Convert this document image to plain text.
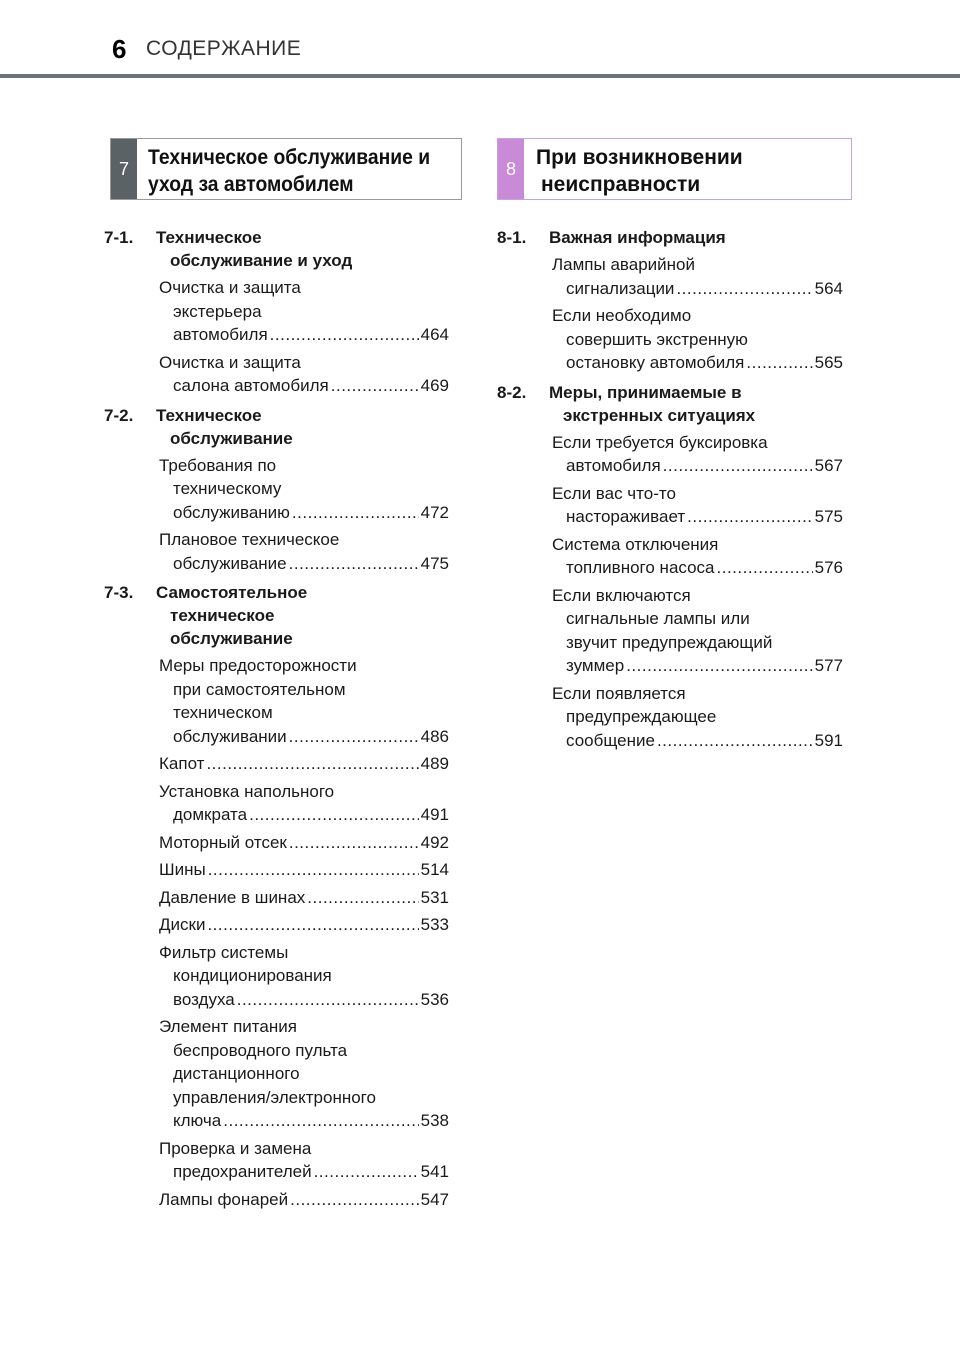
6 СОДЕРЖАНИЕ
7 Техническое обслуживание и
уход за автомобилем
8 При возникновении
неисправности
7-1.	Техническое
обслуживание и уход
Очистка и защита
экстерьера
автомобиля .....	464
Очистка и защита
салона автомобиля .....	469
7-2.	Техническое
обслуживание
Требования по
техническому
обслуживанию .....	472
Плановое техническое
обслуживание .....	475
7-3.	Самостоятельное
техническое
обслуживание
Меры предосторожности
при самостоятельном
техническом
обслуживании .....	486
Капот .....	489
Установка напольного
домкрата .....	491
Моторный отсек .....	492
Шины .....	514
Давление в шинах .....	531
Диски .....	533
Фильтр системы
кондиционирования
воздуха .....	536
Элемент питания
беспроводного пульта
дистанционного
управления/электронного
ключа .....	538
Проверка и замена
предохранителей .....	541
Лампы фонарей .....	547
8-1.	Важная информация
Лампы аварийной
сигнализации .....	564
Если необходимо
совершить экстренную
остановку автомобиля .....	565
8-2.	Меры, принимаемые в
экстренных ситуациях
Если требуется буксировка
автомобиля .....	567
Если вас что-то
настораживает .....	575
Система отключения
топливного насоса .....	576
Если включаются
сигнальные лампы или
звучит предупреждающий
зуммер .....	577
Если появляется
предупреждающее
сообщение .....	591
